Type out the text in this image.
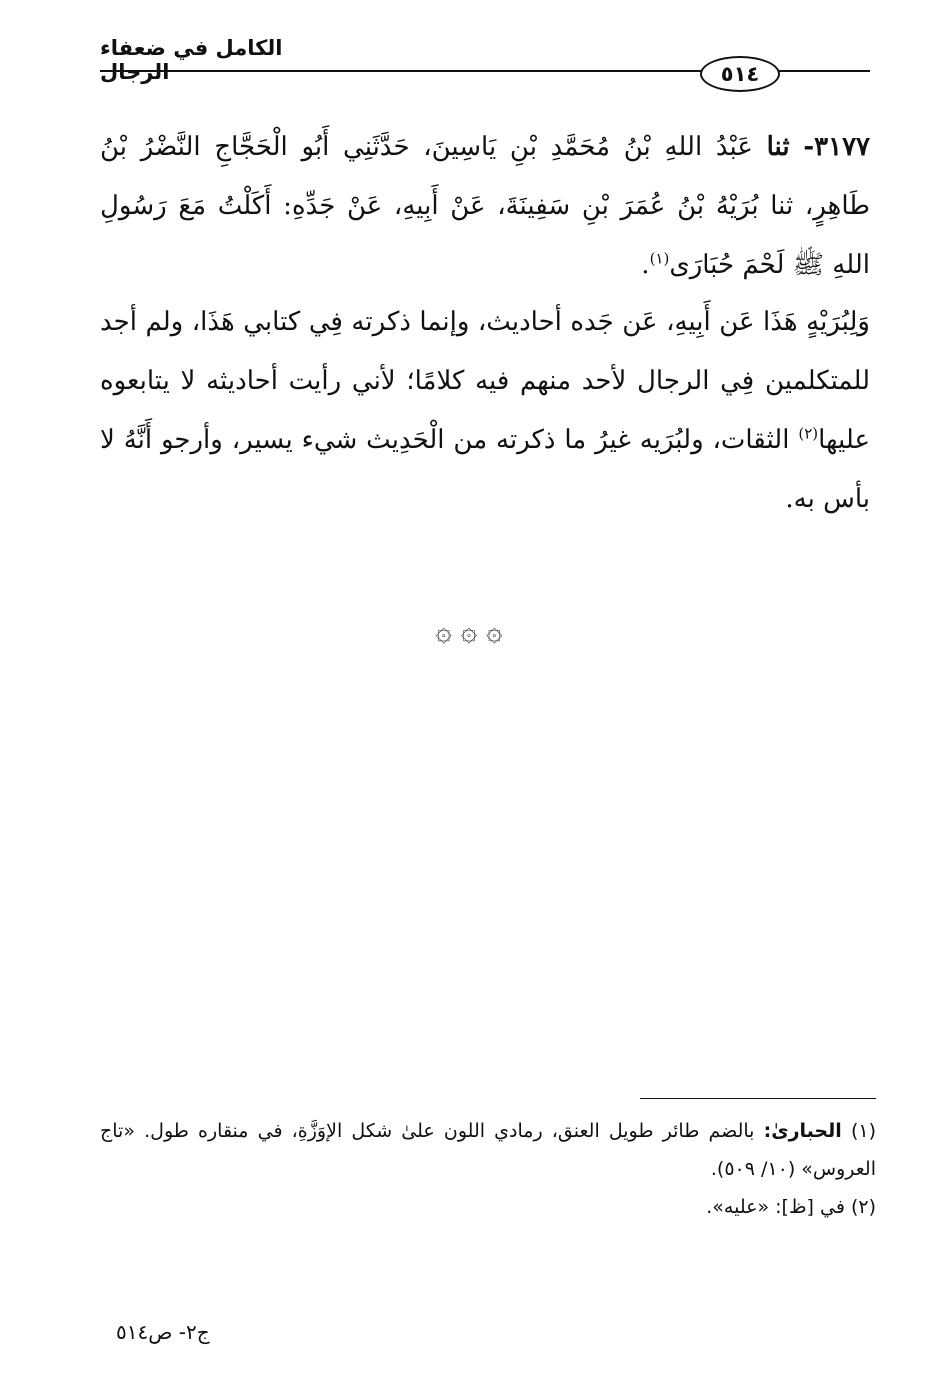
الكامل في ضعفاء الرجال	٥١٤
٣١٧٧- ثنا عَبْدُ اللهِ بْنُ مُحَمَّدِ بْنِ يَاسِينَ، حَدَّثَنِي أَبُو الْحَجَّاجِ النَّضْرُ بْنُ طَاهِرٍ، ثنا بُرَيْهُ بْنُ عُمَرَ بْنِ سَفِينَةَ، عَنْ أَبِيهِ، عَنْ جَدِّهِ: أَكَلْتُ مَعَ رَسُولِ اللهِ ﷺ لَحْمَ حُبَارَى$^{(١)}$.
وَلِبُرَيْهٍ هَذَا عَن أَبِيهِ، عَن جَده أحاديث، وإنما ذكرته فِي كتابي هَذَا، ولم أجد للمتكلمين فِي الرجال لأحد منهم فيه كلامًا؛ لأني رأيت أحاديثه لا يتابعوه عليها$^{(٢)}$ الثقات، ولبُرَيه غيرُ ما ذكرته من الْحَدِيث شيء يسير، وأرجو أَنَّهُ لا بأس به.
۞ ۞ ۞

(١) الحبارىٰ: بالضم طائر طويل العنق، رمادي اللون علىٰ شكل الإوَزَّةِ، في منقاره طول. «تاج العروس» (١٠/ ٥٠٩).

(٢) في [ظ]: «عليه».

ج٢- ص٥١٤
